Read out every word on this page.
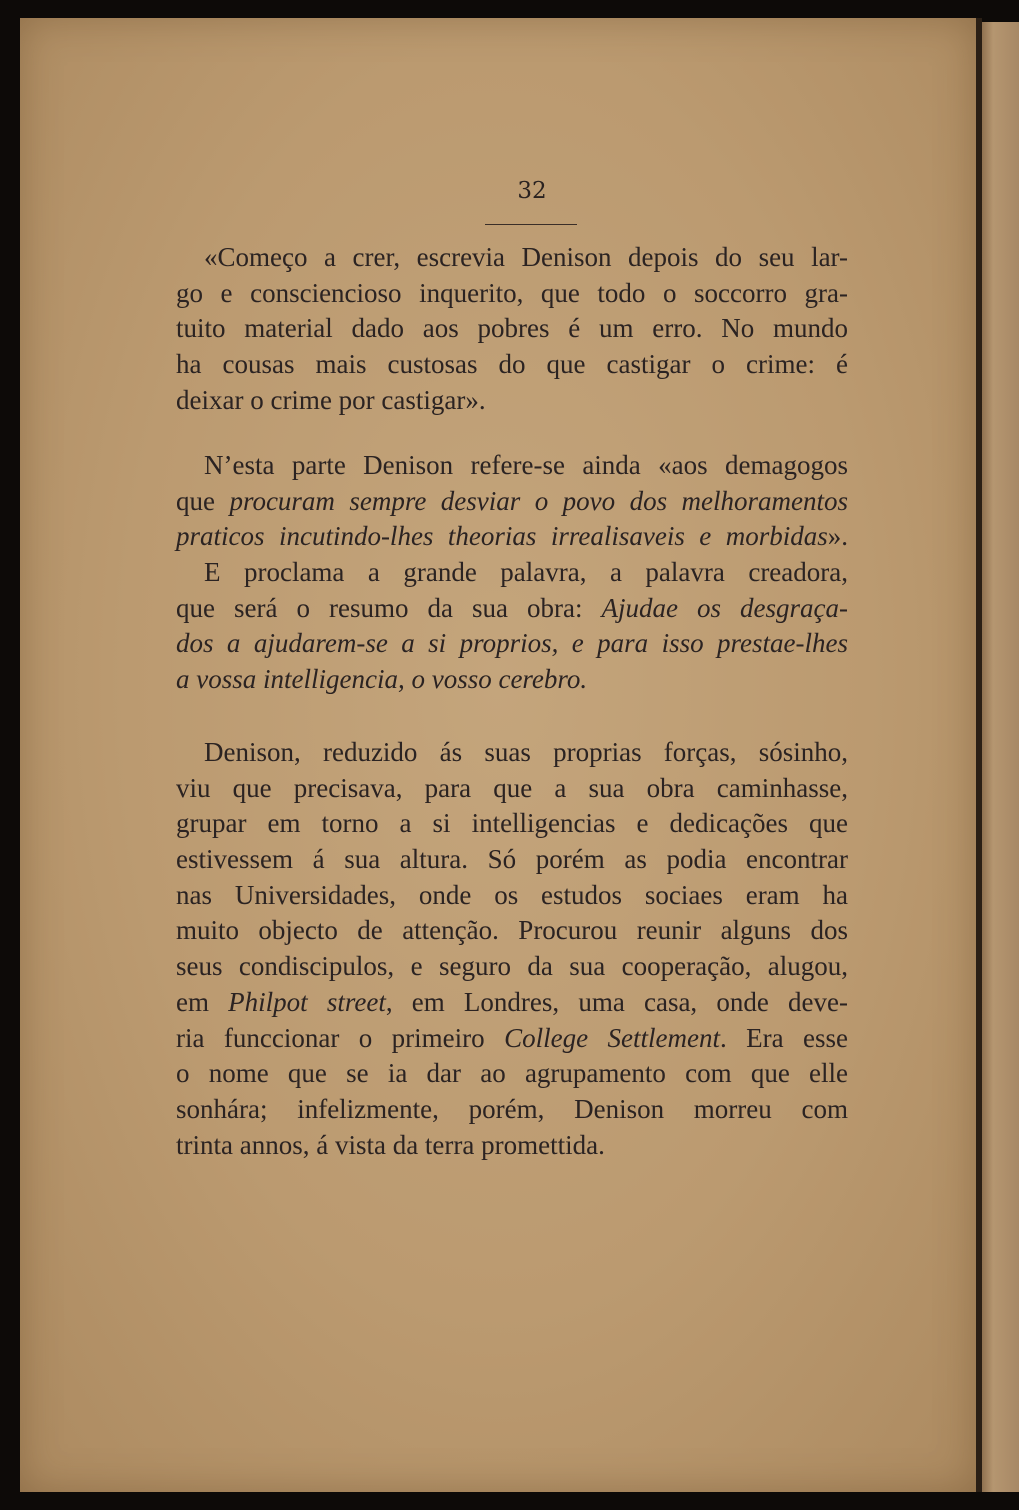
32
«Começo a crer, escrevia Denison depois do seu lar-
go e consciencioso inquerito, que todo o soccorro gra-
tuito material dado aos pobres é um erro. No mundo
ha cousas mais custosas do que castigar o crime: é
deixar o crime por castigar».
N’esta parte Denison refere-se ainda «aos demagogos
que procuram sempre desviar o povo dos melhoramentos
praticos incutindo-lhes theorias irrealisaveis e morbidas».
E proclama a grande palavra, a palavra creadora,
que será o resumo da sua obra: Ajudae os desgraça-
dos a ajudarem-se a si proprios, e para isso prestae-lhes
a vossa intelligencia, o vosso cerebro.
Denison, reduzido ás suas proprias forças, sósinho,
viu que precisava, para que a sua obra caminhasse,
grupar em torno a si intelligencias e dedicações que
estivessem á sua altura. Só porém as podia encontrar
nas Universidades, onde os estudos sociaes eram ha
muito objecto de attenção. Procurou reunir alguns dos
seus condiscipulos, e seguro da sua cooperação, alugou,
em Philpot street, em Londres, uma casa, onde deve-
ria funccionar o primeiro College Settlement. Era esse
o nome que se ia dar ao agrupamento com que elle
sonhára; infelizmente, porém, Denison morreu com
trinta annos, á vista da terra promettida.
